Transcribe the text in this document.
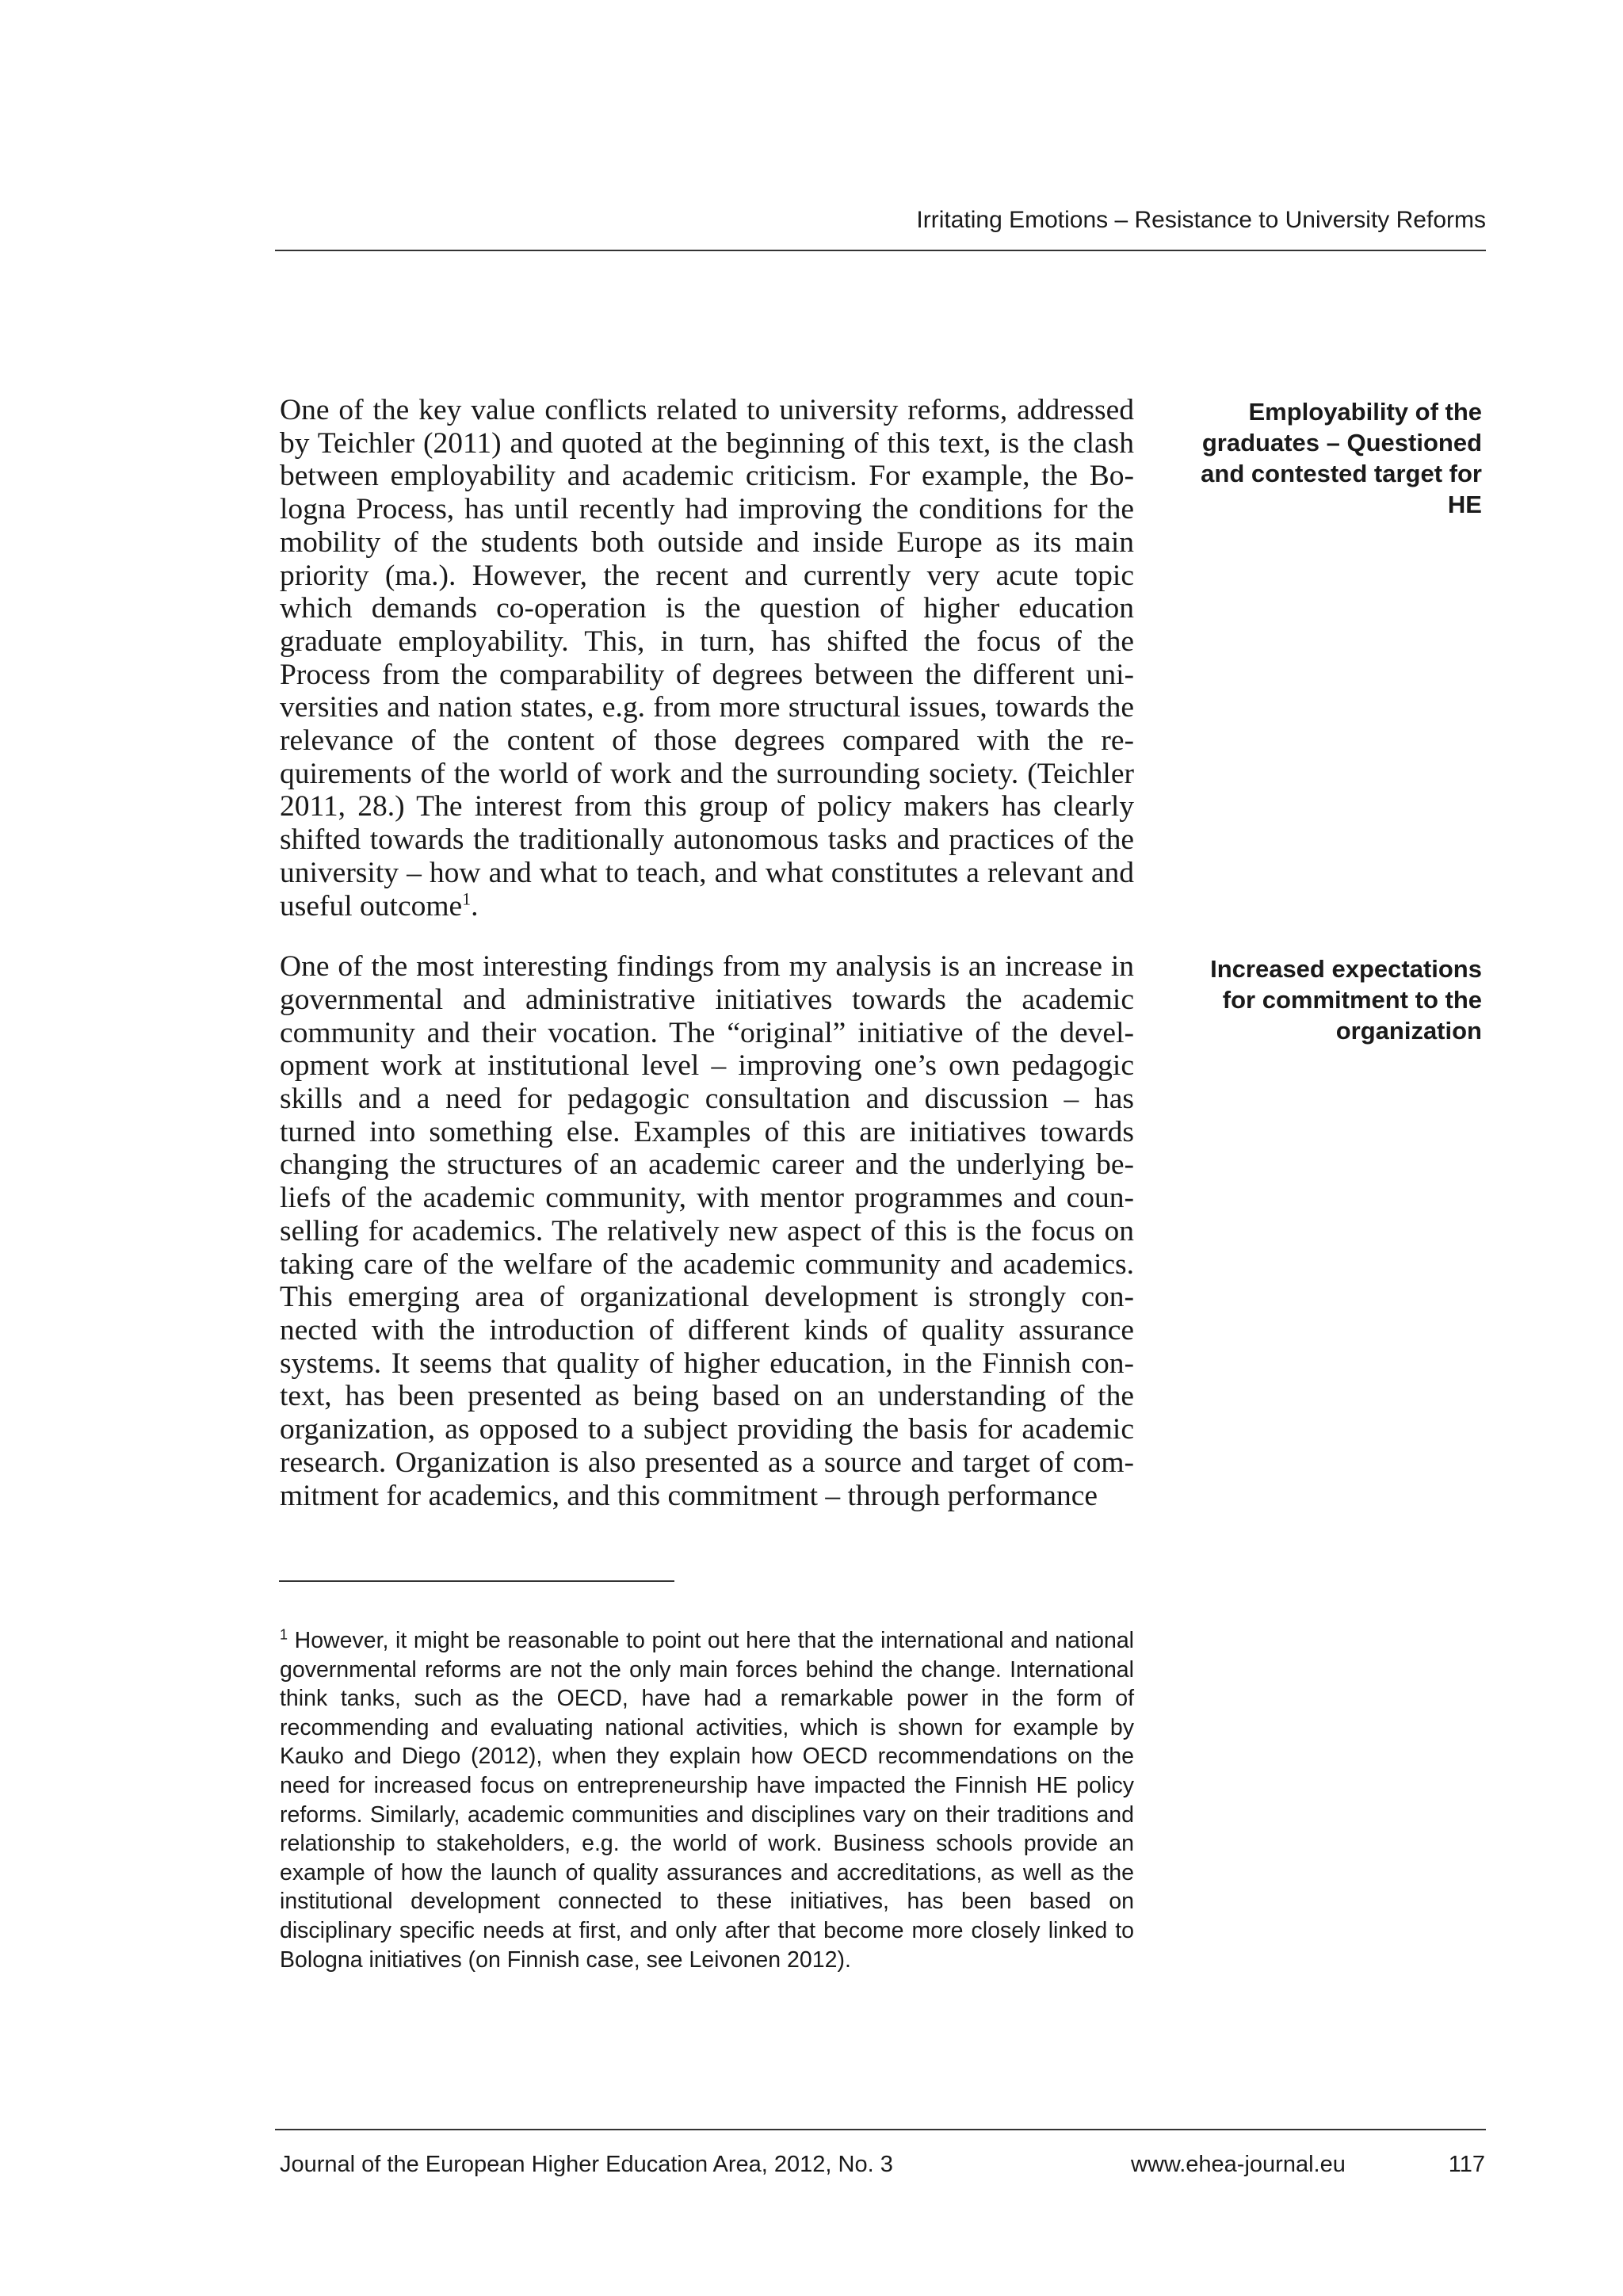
Irritating Emotions – Resistance to University Reforms

One of the key value conflicts related to university reforms, addressed by Teichler (2011) and quoted at the beginning of this text, is the clash between employability and academic criticism. For example, the Bologna Process, has until recently had improving the conditions for the mobility of the students both outside and inside Europe as its main priority (ma.). However, the recent and currently very acute topic which demands co-operation is the question of higher education graduate employability. This, in turn, has shifted the focus of the Process from the comparability of degrees between the different universities and nation states, e.g. from more structural issues, towards the relevance of the content of those degrees compared with the requirements of the world of work and the surrounding society. (Teichler 2011, 28.) The interest from this group of policy makers has clearly shifted towards the traditionally autonomous tasks and practices of the university – how and what to teach, and what constitutes a relevant and useful outcome$^1$.

One of the most interesting findings from my analysis is an increase in governmental and administrative initiatives towards the academic community and their vocation. The “original” initiative of the development work at institutional level – improving one’s own pedagogic skills and a need for pedagogic consultation and discussion – has turned into something else. Examples of this are initiatives towards changing the structures of an academic career and the underlying beliefs of the academic community, with mentor programmes and counselling for academics. The relatively new aspect of this is the focus on taking care of the welfare of the academic community and academics. This emerging area of organizational development is strongly connected with the introduction of different kinds of quality assurance systems. It seems that quality of higher education, in the Finnish context, has been presented as being based on an understanding of the organization, as opposed to a subject providing the basis for academic research. Organization is also presented as a source and target of commitment for academics, and this commitment – through performance

Employability of the graduates – Questioned and contested target for HE
Increased expectations for commitment to the organization
$^1$ However, it might be reasonable to point out here that the international and national governmental reforms are not the only main forces behind the change. International think tanks, such as the OECD, have had a remarkable power in the form of recommending and evaluating national activities, which is shown for example by Kauko and Diego (2012), when they explain how OECD recommendations on the need for increased focus on entrepreneurship have impacted the Finnish HE policy reforms. Similarly, academic communities and disciplines vary on their traditions and relationship to stakeholders, e.g. the world of work. Business schools provide an example of how the launch of quality assurances and accreditations, as well as the institutional development connected to these initiatives, has been based on disciplinary specific needs at first, and only after that become more closely linked to Bologna initiatives (on Finnish case, see Leivonen 2012).
Journal of the European Higher Education Area, 2012, No. 3	www.ehea-journal.eu	117
